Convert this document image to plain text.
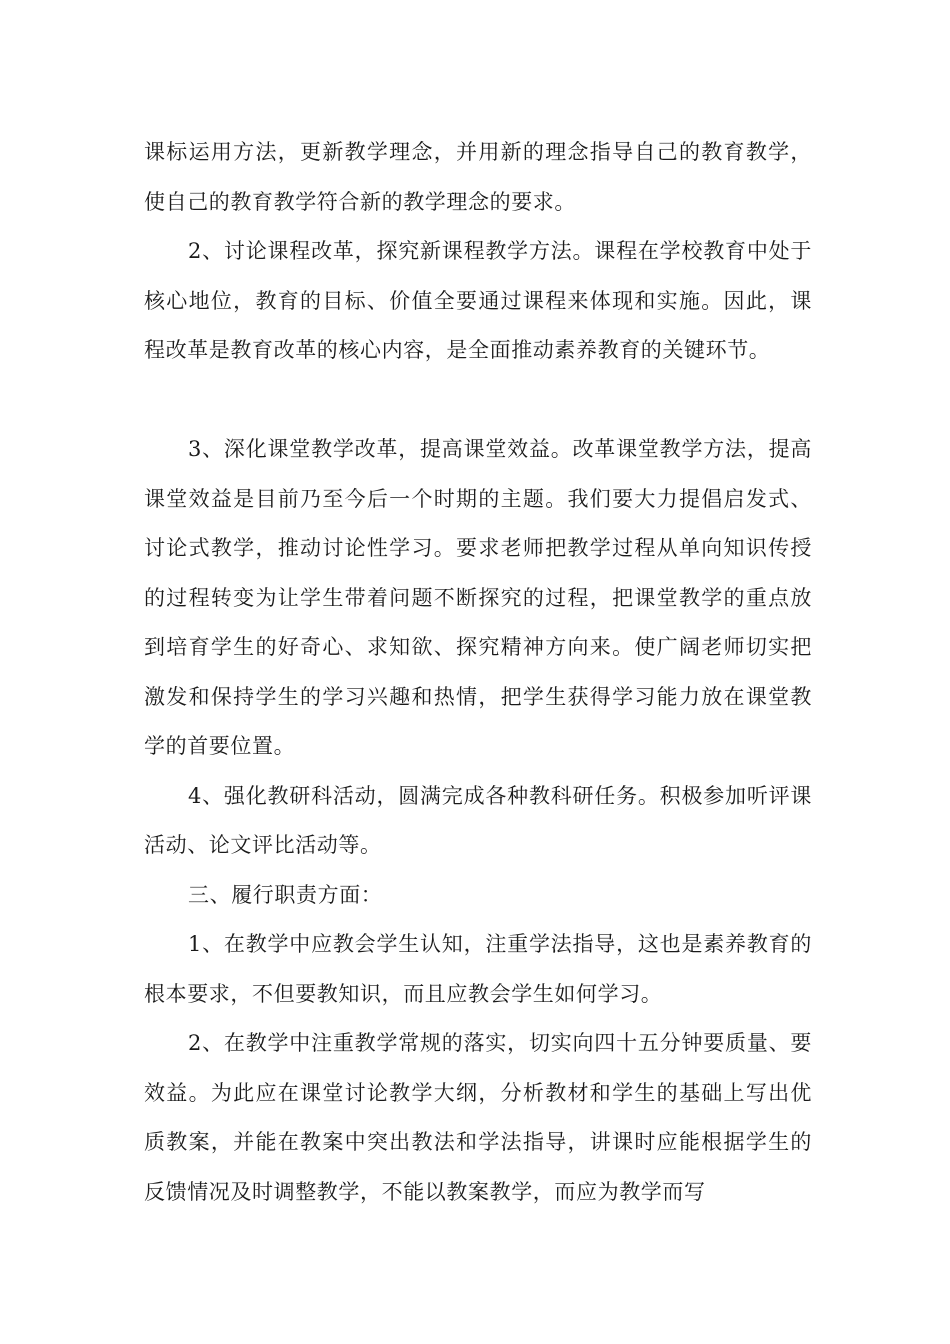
课标运用方法，更新教学理念，并用新的理念指导自己的教育教学，使自己的教育教学符合新的教学理念的要求。

2、讨论课程改革，探究新课程教学方法。课程在学校教育中处于核心地位，教育的目标、价值全要通过课程来体现和实施。因此，课程改革是教育改革的核心内容，是全面推动素养教育的关键环节。

3、深化课堂教学改革，提高课堂效益。改革课堂教学方法，提高课堂效益是目前乃至今后一个时期的主题。我们要大力提倡启发式、讨论式教学，推动讨论性学习。要求老师把教学过程从单向知识传授的过程转变为让学生带着问题不断探究的过程，把课堂教学的重点放到培育学生的好奇心、求知欲、探究精神方向来。使广阔老师切实把激发和保持学生的学习兴趣和热情，把学生获得学习能力放在课堂教学的首要位置。

4、强化教研科活动，圆满完成各种教科研任务。积极参加听评课活动、论文评比活动等。

三、履行职责方面：

1、在教学中应教会学生认知，注重学法指导，这也是素养教育的根本要求，不但要教知识，而且应教会学生如何学习。

2、在教学中注重教学常规的落实，切实向四十五分钟要质量、要效益。为此应在课堂讨论教学大纲，分析教材和学生的基础上写出优质教案，并能在教案中突出教法和学法指导，讲课时应能根据学生的反馈情况及时调整教学，不能以教案教学，而应为教学而写
